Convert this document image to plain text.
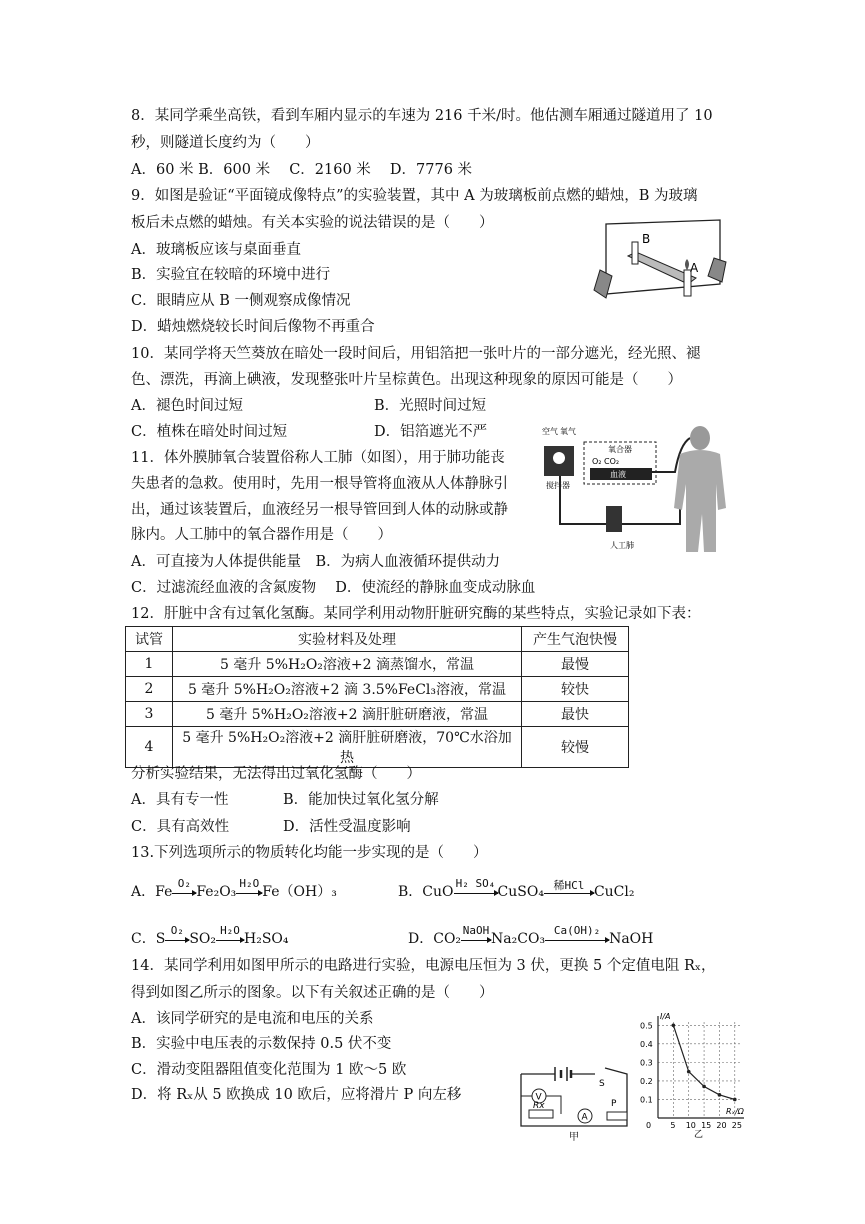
8．某同学乘坐高铁，看到车厢内显示的车速为 216 千米/时。他估测车厢通过隧道用了 10
秒，则隧道长度约为（　　）
A．60 米 B．600 米　 C．2160 米　 D．7776 米
9．如图是验证“平面镜成像特点”的实验装置，其中 A 为玻璃板前点燃的蜡烛，B 为玻璃
板后未点燃的蜡烛。有关本实验的说法错误的是（　　）
A．玻璃板应该与桌面垂直
B．实验宜在较暗的环境中进行
C．眼睛应从 B 一侧观察成像情况
D．蜡烛燃烧较长时间后像物不再重合
B
A
10．某同学将天竺葵放在暗处一段时间后，用铝箔把一张叶片的一部分遮光，经光照、褪
色、漂洗，再滴上碘液，发现整张叶片呈棕黄色。出现这种现象的原因可能是（　　）
A．褪色时间过短	B．光照时间过短
C．植株在暗处时间过短	D．铝箔遮光不严
11．体外膜肺氧合装置俗称人工肺（如图），用于肺功能丧
失患者的急救。使用时，先用一根导管将血液从人体静脉引
出，通过该装置后，血液经另一根导管回到人体的动脉或静
脉内。人工肺中的氧合器作用是（　　）
A．可直接为人体提供能量　B．为病人血液循环提供动力
C．过滤流经血液的含氮废物　 D．使流经的静脉血变成动脉血
空气 氧气
搅拌器
氧合器
O₂ CO₂
血液
人工肺
12．肝脏中含有过氧化氢酶。某同学利用动物肝脏研究酶的某些特点，实验记录如下表：
试管	实验材料及处理	产生气泡快慢
1	5 毫升 5%H₂O₂溶液+2 滴蒸馏水，常温	最慢
2	5 毫升 5%H₂O₂溶液+2 滴 3.5%FeCl₃溶液，常温	较快
3	5 毫升 5%H₂O₂溶液+2 滴肝脏研磨液，常温	最快
4	5 毫升 5%H₂O₂溶液+2 滴肝脏研磨液，70℃水浴加热	较慢
分析实验结果，无法得出过氧化氢酶（　　）
A．具有专一性	B．能加快过氧化氢分解
C．具有高效性	D．活性受温度影响
13.下列选项所示的物质转化均能一步实现的是（　　）
A．Fe
O₂
Fe₂O₃
H₂O
Fe（OH）₃	B．CuO
H₂ SO₄
CuSO₄ 稀HCl CuCl₂
C．S
O₂
SO₂
H₂O
H₂SO₄	D．CO₂
NaOH
Na₂CO₃
Ca(OH)₂
NaOH
14．某同学利用如图甲所示的电路进行实验，电源电压恒为 3 伏，更换 5 个定值电阻 Rₓ，
得到如图乙所示的图象。以下有关叙述正确的是（　　）
A．该同学研究的是电流和电压的关系
B．实验中电压表的示数保持 0.5 伏不变
C．滑动变阻器阻值变化范围为 1 欧～5 欧
D．将 Rₓ从 5 欧换成 10 欧后，应将滑片 P 向左移
S
V
Rx
A
P
甲
I/A
Rₓ/Ω
0
0.1
0.2
0.3
0.4
0.5
5 10 15 20 25
乙
